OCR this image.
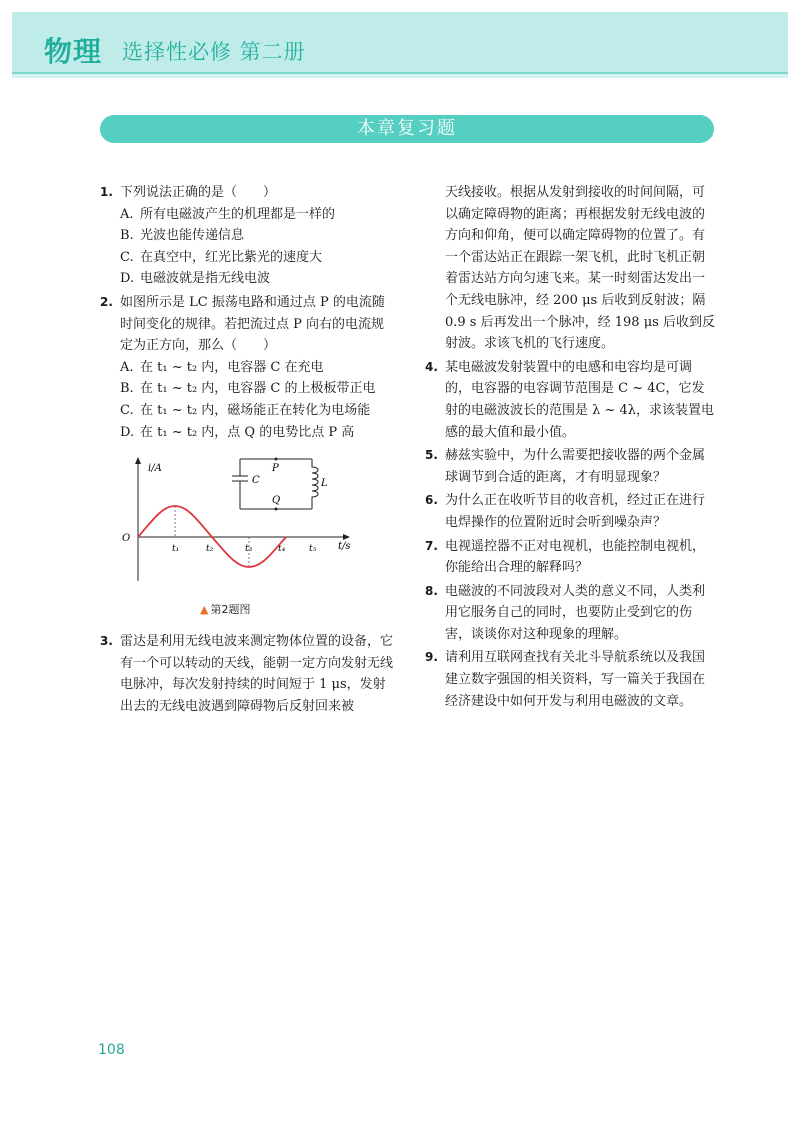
物理 选择性必修 第二册
本章复习题
1. 下列说法正确的是（　　）
A. 所有电磁波产生的机理都是一样的
B. 光波也能传递信息
C. 在真空中，红光比紫光的速度大
D. 电磁波就是指无线电波
2. 如图所示是 LC 振荡电路和通过点 P 的电流随时间变化的规律。若把流过点 P 向右的电流规定为正方向，那么（　　）
A. 在 t₁ ~ t₂ 内，电容器 C 在充电
B. 在 t₁ ~ t₂ 内，电容器 C 的上极板带正电
C. 在 t₁ ~ t₂ 内，磁场能正在转化为电场能
D. 在 t₁ ~ t₂ 内，点 Q 的电势比点 P 高
i/A
t/s
O
t₁	t₂	t₃	t₄	t₅
P
Q
C	L
▲ 第2题图
3. 雷达是利用无线电波来测定物体位置的设备，它有一个可以转动的天线，能朝一定方向发射无线电脉冲，每次发射持续的时间短于 1 μs，发射出去的无线电波遇到障碍物后反射回来被
天线接收。根据从发射到接收的时间间隔，可以确定障碍物的距离；再根据发射无线电波的方向和仰角，便可以确定障碍物的位置了。有一个雷达站正在跟踪一架飞机，此时飞机正朝着雷达站方向匀速飞来。某一时刻雷达发出一个无线电脉冲，经 200 μs 后收到反射波；隔 0.9 s 后再发出一个脉冲，经 198 μs 后收到反射波。求该飞机的飞行速度。
4. 某电磁波发射装置中的电感和电容均是可调的，电容器的电容调节范围是 C ~ 4C，它发射的电磁波波长的范围是 λ ~ 4λ，求该装置电感的最大值和最小值。
5. 赫兹实验中，为什么需要把接收器的两个金属球调节到合适的距离，才有明显现象？
6. 为什么正在收听节目的收音机，经过正在进行电焊操作的位置附近时会听到噪杂声？
7. 电视遥控器不正对电视机，也能控制电视机，你能给出合理的解释吗？
8. 电磁波的不同波段对人类的意义不同，人类利用它服务自己的同时，也要防止受到它的伤害，谈谈你对这种现象的理解。
9. 请利用互联网查找有关北斗导航系统以及我国建立数字强国的相关资料，写一篇关于我国在经济建设中如何开发与利用电磁波的文章。
108
